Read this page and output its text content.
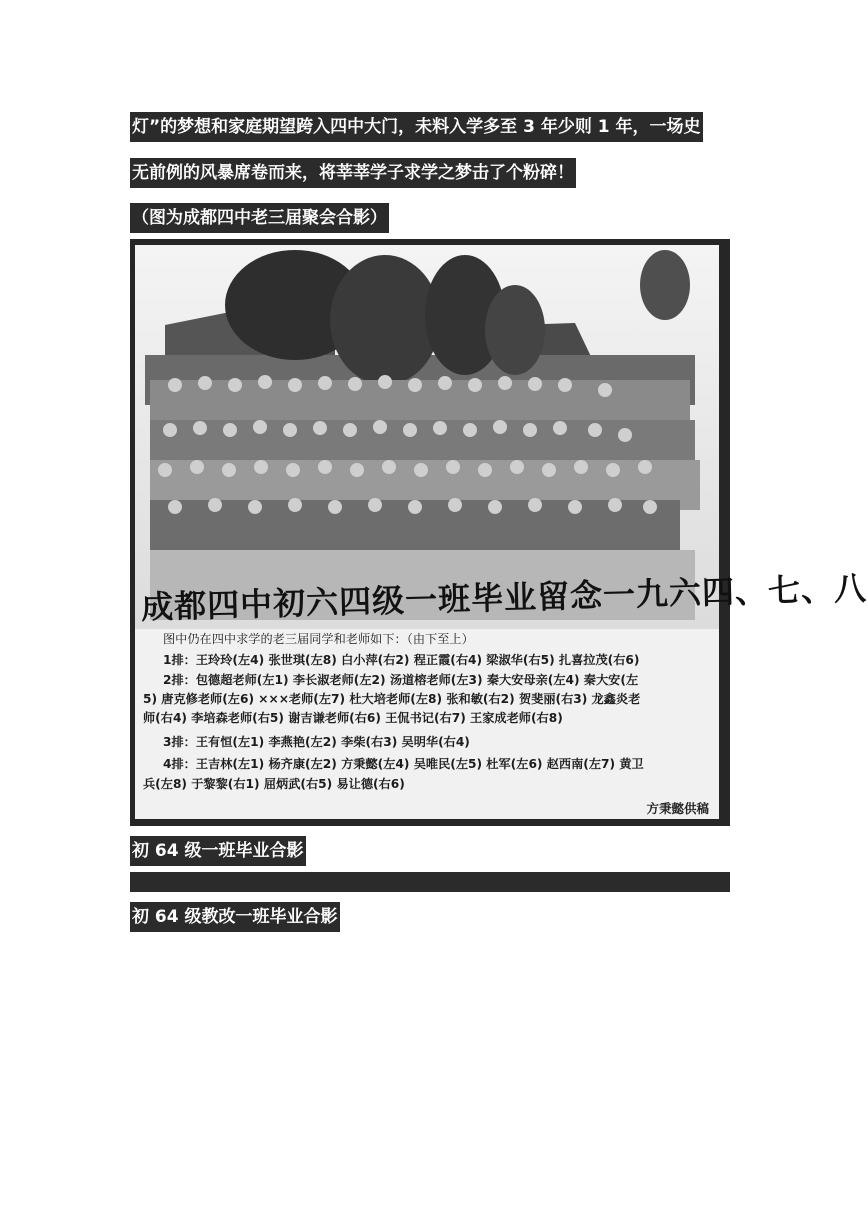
灯”的梦想和家庭期望跨入四中大门，未料入学多至 3 年少则 1 年，一场史
无前例的风暴席卷而来，将莘莘学子求学之梦击了个粉碎！
（图为成都四中老三届聚会合影）
成都四中初六四级一班毕业留念一九六四、七、八
图中仍在四中求学的老三届同学和老师如下：（由下至上）
1排：王玲玲(左4) 张世琪(左8) 白小萍(右2) 程正霞(右4) 梁淑华(右5) 扎喜拉茂(右6)
2排：包德超老师(左1) 李长淑老师(左2) 汤道榕老师(左3) 秦大安母亲(左4) 秦大安(左
5) 唐克修老师(左6) ×××老师(左7) 杜大培老师(左8) 张和敏(右2) 贺斐丽(右3) 龙鑫炎老
师(右4) 李培森老师(右5) 谢吉谦老师(右6) 王侃书记(右7) 王家成老师(右8)
3排：王有恒(左1) 李燕艳(左2) 李柴(右3) 吴明华(右4)
4排：王吉林(左1) 杨齐康(左2) 方秉懿(左4) 吴唯民(左5) 杜军(左6) 赵西南(左7) 黄卫
兵(左8) 于黎黎(右1) 屈炳武(右5) 易让德(右6)
方秉懿供稿
初 64 级一班毕业合影
初 64 级教改一班毕业合影
